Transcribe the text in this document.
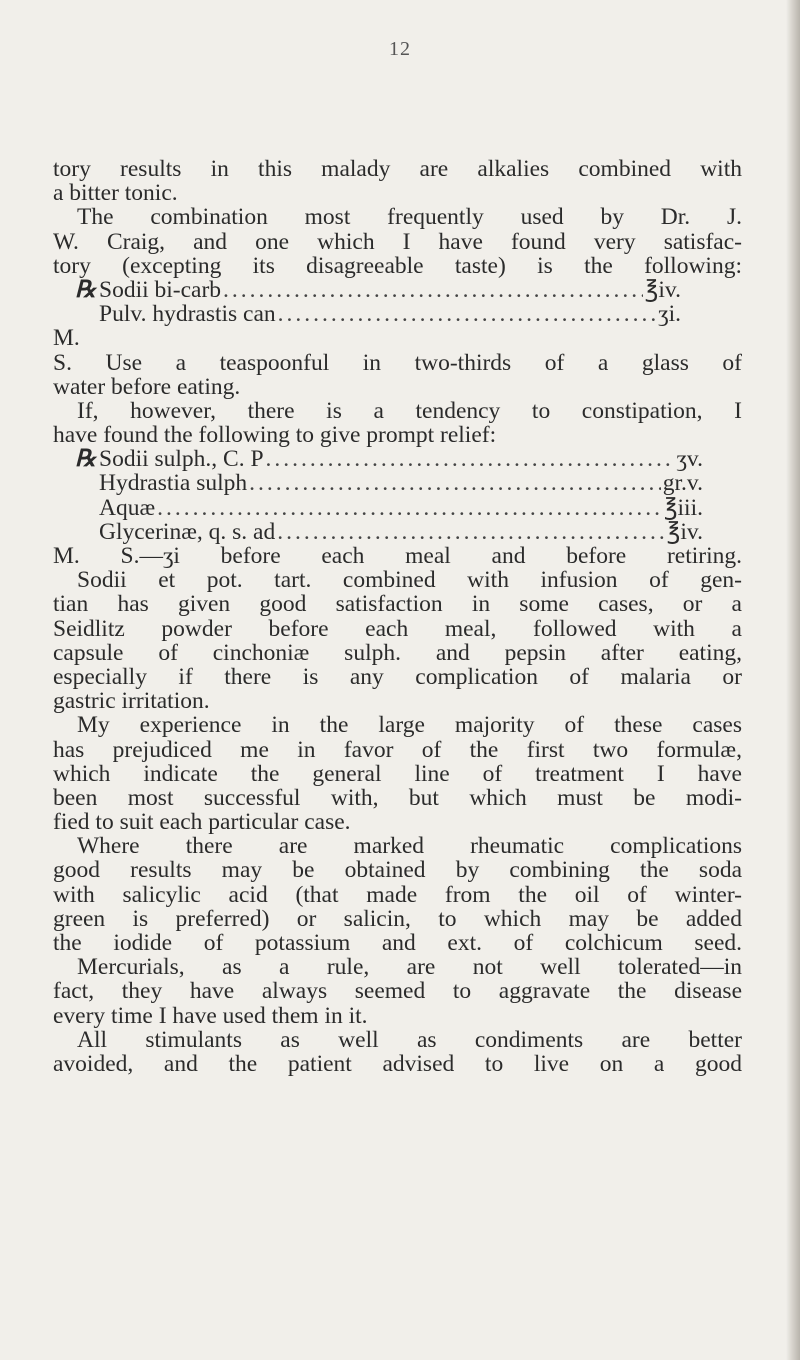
12
tory results in this malady are alkalies combined with
a bitter tonic.
The combination most frequently used by Dr. J.
W. Craig, and one which I have found very satisfac-
tory (excepting its disagreeable taste) is the following:
℞ Sodii bi-carb .....	℥iv.
Pulv. hydrastis can .....	ʒi.
M.
S. Use a teaspoonful in two-thirds of a glass of
water before eating.
If, however, there is a tendency to constipation, I
have found the following to give prompt relief:
℞ Sodii sulph., C. P .....	ʒv.
Hydrastia sulph .....	gr.v.
Aquæ .....	℥iii.
Glycerinæ, q. s. ad .....	℥iv.
M. S.—ʒi before each meal and before retiring.
Sodii et pot. tart. combined with infusion of gen-
tian has given good satisfaction in some cases, or a
Seidlitz powder before each meal, followed with a
capsule of cinchoniæ sulph. and pepsin after eating,
especially if there is any complication of malaria or
gastric irritation.
My experience in the large majority of these cases
has prejudiced me in favor of the first two formulæ,
which indicate the general line of treatment I have
been most successful with, but which must be modi-
fied to suit each particular case.
Where there are marked rheumatic complications
good results may be obtained by combining the soda
with salicylic acid (that made from the oil of winter-
green is preferred) or salicin, to which may be added
the iodide of potassium and ext. of colchicum seed.
Mercurials, as a rule, are not well tolerated—in
fact, they have always seemed to aggravate the disease
every time I have used them in it.
All stimulants as well as condiments are better
avoided, and the patient advised to live on a good
